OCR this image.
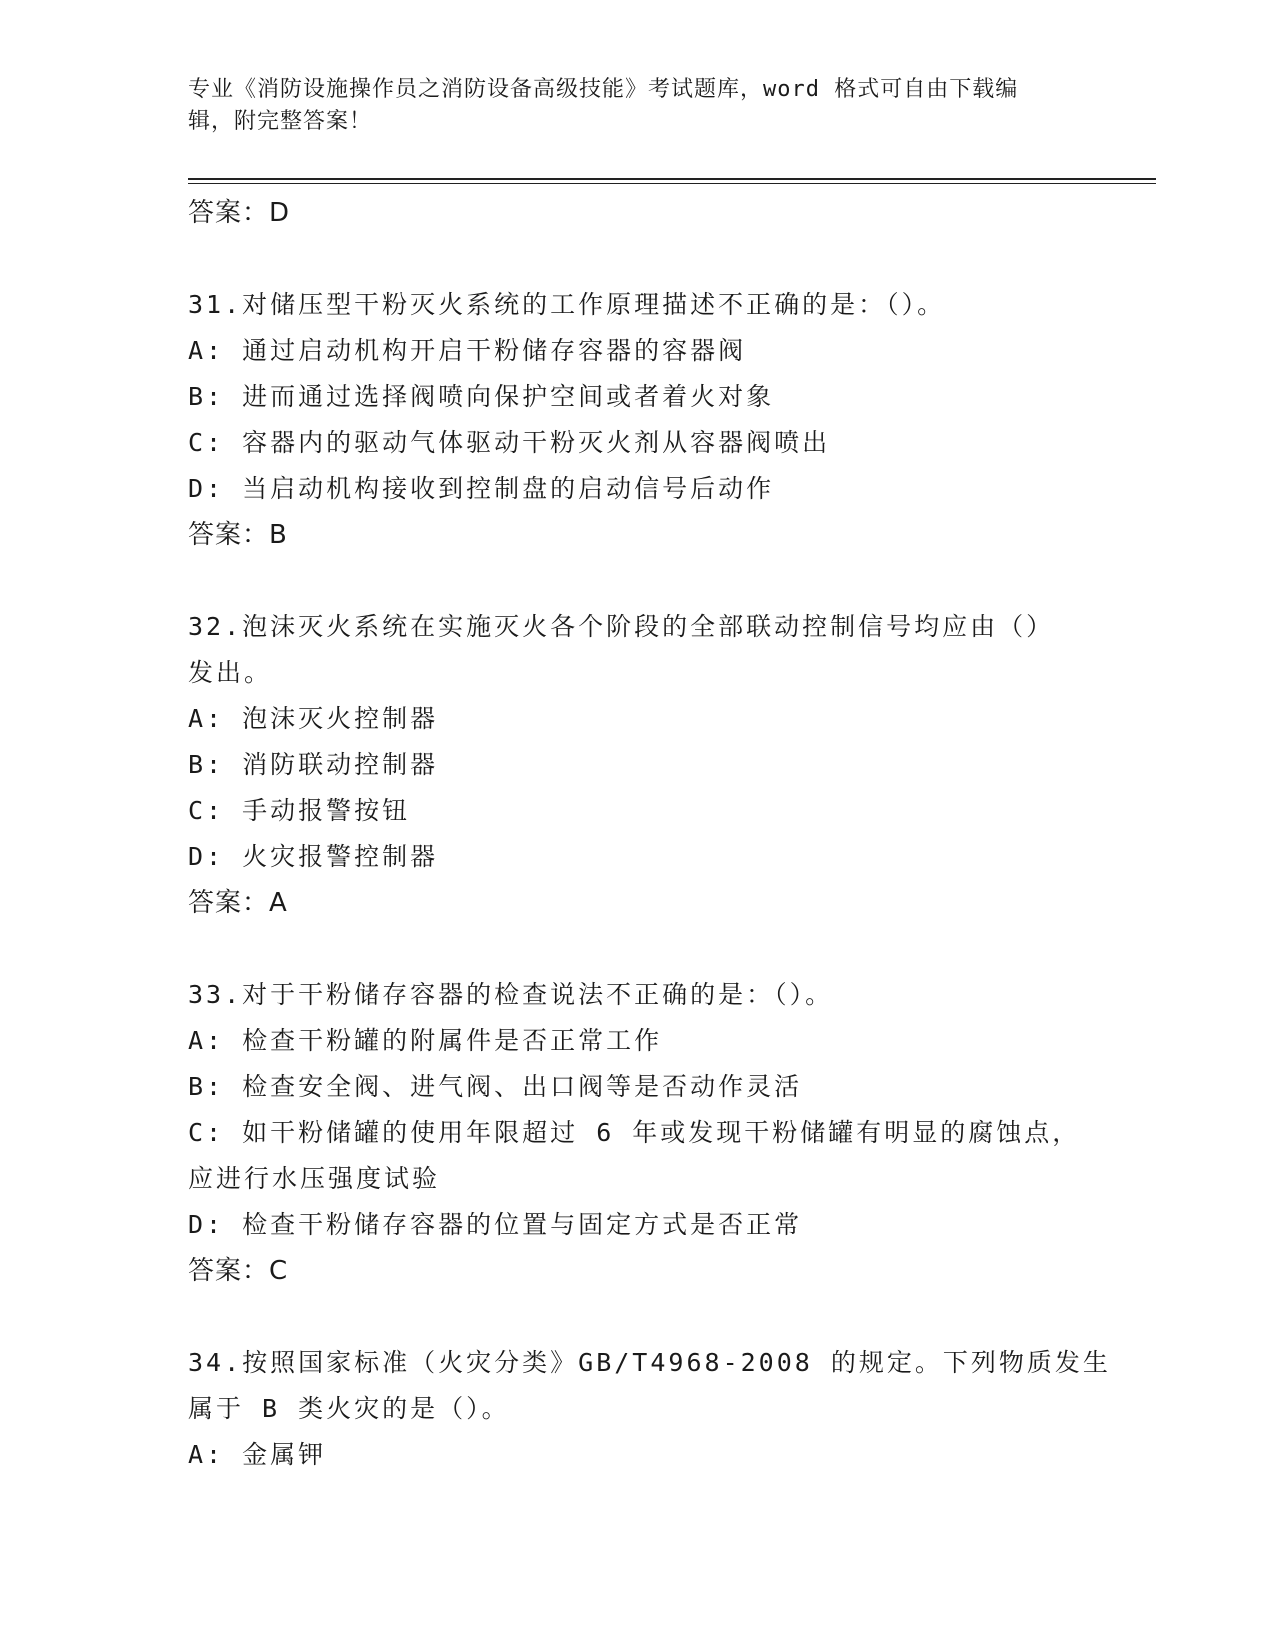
专业《消防设施操作员之消防设备高级技能》考试题库，word 格式可自由下载编
辑，附完整答案！
答案：D
31.对储压型干粉灭火系统的工作原理描述不正确的是：（）。
A: 通过启动机构开启干粉储存容器的容器阀
B: 进而通过选择阀喷向保护空间或者着火对象
C: 容器内的驱动气体驱动干粉灭火剂从容器阀喷出
D: 当启动机构接收到控制盘的启动信号后动作
答案：B
32.泡沫灭火系统在实施灭火各个阶段的全部联动控制信号均应由（）
发出。
A: 泡沫灭火控制器
B: 消防联动控制器
C: 手动报警按钮
D: 火灾报警控制器
答案：A
33.对于干粉储存容器的检查说法不正确的是：（）。
A: 检查干粉罐的附属件是否正常工作
B: 检查安全阀、进气阀、出口阀等是否动作灵活
C: 如干粉储罐的使用年限超过 6 年或发现干粉储罐有明显的腐蚀点，
应进行水压强度试验
D: 检查干粉储存容器的位置与固定方式是否正常
答案：C
34.按照国家标准（火灾分类》GB/T4968-2008 的规定。下列物质发生
属于 B 类火灾的是（）。
A: 金属钾
